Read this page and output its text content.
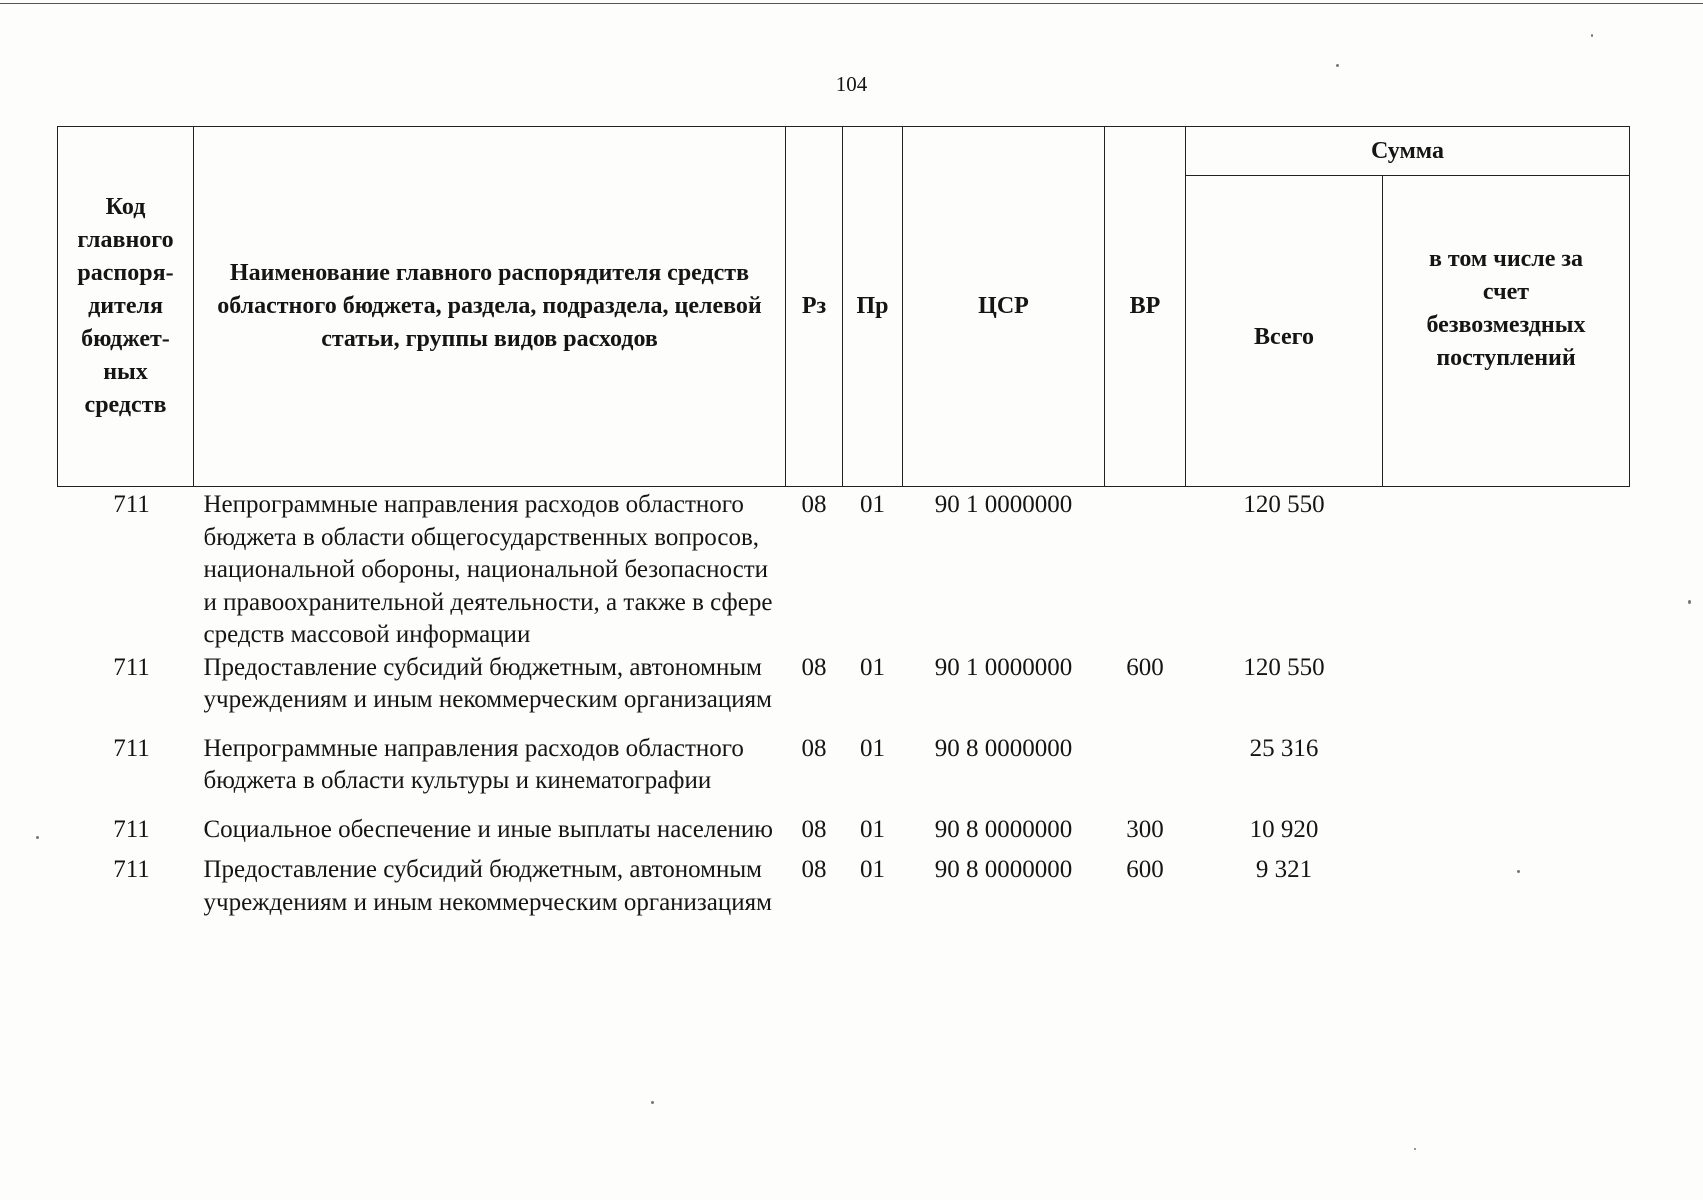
104
Код главного распоря-дителя бюджет-ных средств	Наименование главного распорядителя средств областного бюджета, раздела, подраздела, целевой статьи, группы видов расходов	Рз	Пр	ЦСР	ВР	Сумма	
						Всего	в том числе за счет безвозмездных поступлений
711	Непрограммные направления расходов областного бюджета в области общегосударственных вопросов, национальной обороны, национальной безопасности и правоохранительной деятельности, а также в сфере средств массовой информации	08	01	90 1 0000000		120 550	
711	Предоставление субсидий бюджетным, автономным учреждениям и иным некоммерческим организациям	08	01	90 1 0000000	600	120 550	
711	Непрограммные направления расходов областного бюджета в области культуры и кинематографии	08	01	90 8 0000000		25 316	
711	Социальное обеспечение и иные выплаты населению	08	01	90 8 0000000	300	10 920	
711	Предоставление субсидий бюджетным, автономным учреждениям и иным некоммерческим организациям	08	01	90 8 0000000	600	9 321	
